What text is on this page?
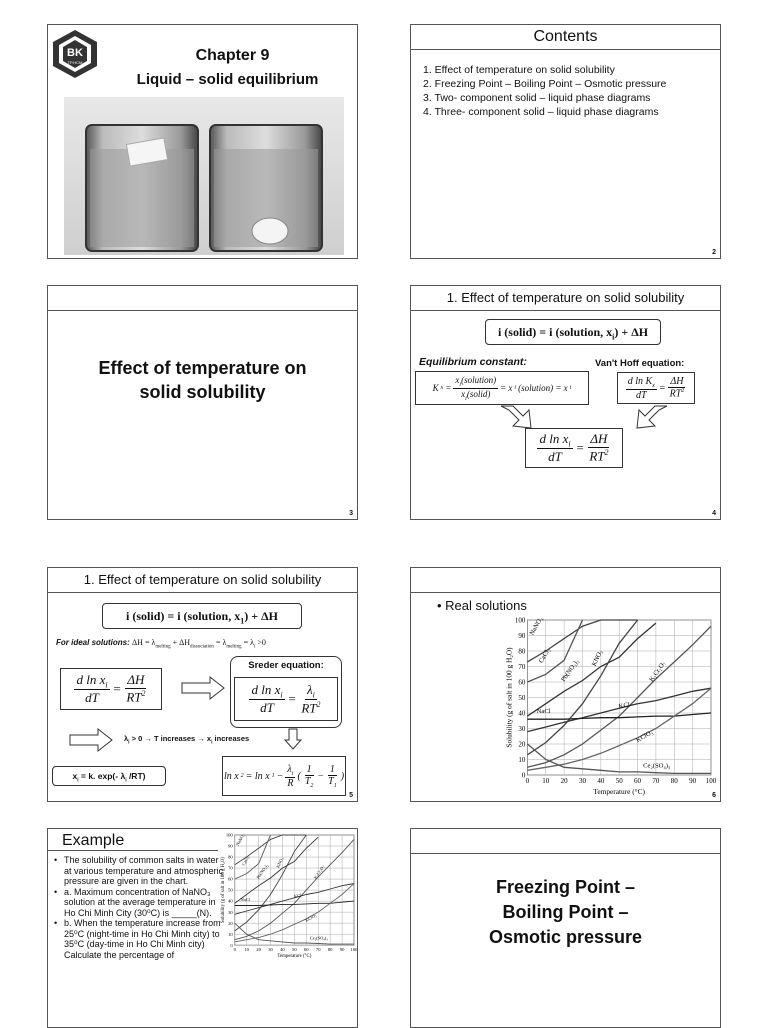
BK
TP.HCM	Chapter 9
Liquid – solid equilibrium
Contents
1. Effect of temperature on solid solubility
2. Freezing Point – Boiling Point – Osmotic pressure
3. Two- component solid – liquid phase diagrams
4. Three- component solid – liquid phase diagrams
2
Effect of temperature on
solid solubility
3
1. Effect of temperature on solid solubility
i (solid) = i (solution, $x_i) + \Delta H$
Equilibrium constant:
K $x = \frac{x_i(solution)}{x_i(solid)} = x$ i (solution) = x i
Van't Hoff equation:
$\frac{d \ln K_x}{dT} = \frac{\Delta H}{RT^2}$
$\frac{d \ln x_i}{dT} = \frac{\Delta H}{RT^2}$
4
1. Effect of temperature on solid solubility
i (solid) = i (solution, $x_1) + \Delta H$
For ideal solutions: $\Delta H = \lambda_{melting} + \Delta H_{dissociation} = \lambda_{melting} = \lambda_i >0$
$\frac{d \ln x_i}{dT} = \frac{\Delta H}{RT^2}$
Sreder equation:
$\frac{d \ln x_i}{dT} = \frac{\lambda_i}{RT^2}$
$\lambda_i > 0 \to T$ increases → $x_i$ increases
$x_i = k$. exp(- $\lambda_i$ /RT)	ln x 2 = ln x $1 - \frac{\lambda_i}{R}$ ( $\frac{1}{T_2} - \frac{1}{T_1}$ )
5
• Real solutions
0 10 20 30 40 50 60 70 80 90 100
0
10
20
30
40
50
60
70
80
90
100
Temperature (°C)
Solubility (g of salt in 100 g H₂O)
NaNO₃
CaCl₂
Pb(NO₃)₂ KNO₃
K₂Cr₂O₇
KCl
NaCl
KClO₃
Ce₂(SO₄)₃
6
Example
• The solubility of common salts in water at various temperature and atmospheric pressure are given in the chart.
• a. Maximum concentration of NaNO₃ solution at the average temperature in Ho Chi Minh City (30⁰C) is _____(N).
• b. When the temperature increase from 25⁰C (night-time in Ho Chi Minh city) to 35⁰C (day-time in Ho Chi Minh city) Calculate the percentage of
0 10 20 30 40 50 60 70 80 90 100
0
10
20
30
40
50
60
70
80
90
100
Temperature (°C)
Solubility (g of salt in 100 g H₂O)
NaNO₃
CaCl₂
Pb(NO₃)₂
KNO₃
K₂Cr₂O₇
KCl
NaCl
KClO₃
Ce₂(SO₄)₃
Freezing Point –
Boiling Point –
Osmotic pressure
